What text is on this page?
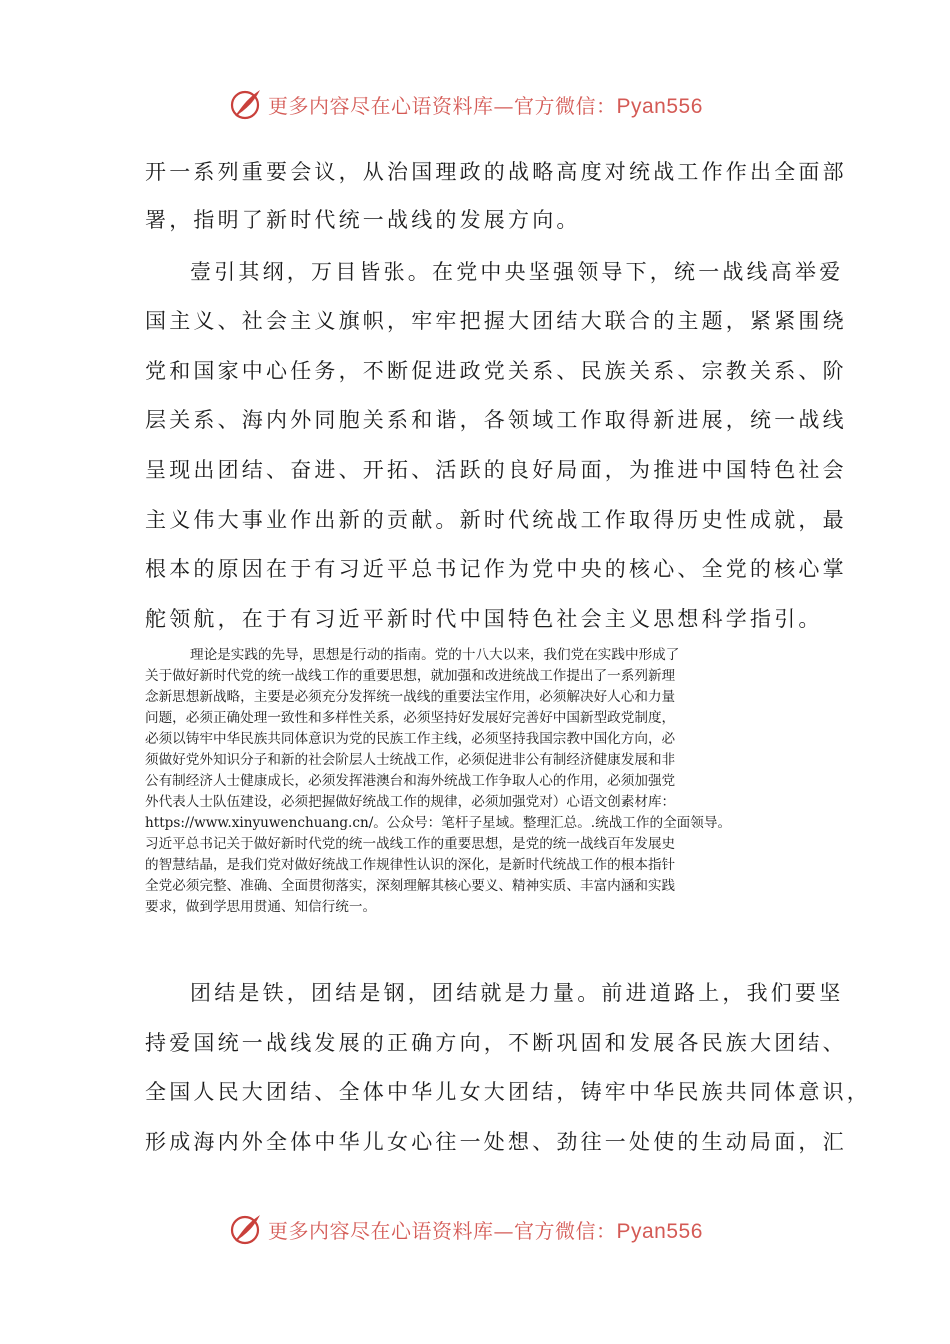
更多内容尽在心语资料库—官方微信：Pyan556
开一系列重要会议，从治国理政的战略高度对统战工作作出全面部
署，指明了新时代统一战线的发展方向。
壹引其纲，万目皆张。在党中央坚强领导下，统一战线高举爱
国主义、社会主义旗帜，牢牢把握大团结大联合的主题，紧紧围绕
党和国家中心任务，不断促进政党关系、民族关系、宗教关系、阶
层关系、海内外同胞关系和谐，各领域工作取得新进展，统一战线
呈现出团结、奋进、开拓、活跃的良好局面，为推进中国特色社会
主义伟大事业作出新的贡献。新时代统战工作取得历史性成就，最
根本的原因在于有习近平总书记作为党中央的核心、全党的核心掌
舵领航，在于有习近平新时代中国特色社会主义思想科学指引。
理论是实践的先导，思想是行动的指南。党的十八大以来，我们党在实践中形成了
关于做好新时代党的统一战线工作的重要思想，就加强和改进统战工作提出了一系列新理
念新思想新战略，主要是必须充分发挥统一战线的重要法宝作用，必须解决好人心和力量
问题，必须正确处理一致性和多样性关系，必须坚持好发展好完善好中国新型政党制度，
必须以铸牢中华民族共同体意识为党的民族工作主线，必须坚持我国宗教中国化方向，必
须做好党外知识分子和新的社会阶层人士统战工作，必须促进非公有制经济健康发展和非
公有制经济人士健康成长，必须发挥港澳台和海外统战工作争取人心的作用，必须加强党
外代表人士队伍建设，必须把握做好统战工作的规律，必须加强党对）心语文创素材库：
https://www.xinyuwenchuang.cn/。公众号：笔杆子星域。整理汇总。.统战工作的全面领导。
习近平总书记关于做好新时代党的统一战线工作的重要思想，是党的统一战线百年发展史
的智慧结晶，是我们党对做好统战工作规律性认识的深化，是新时代统战工作的根本指针
全党必须完整、准确、全面贯彻落实，深刻理解其核心要义、精神实质、丰富内涵和实践
要求，做到学思用贯通、知信行统一。
团结是铁，团结是钢，团结就是力量。前进道路上，我们要坚
持爱国统一战线发展的正确方向，不断巩固和发展各民族大团结、
全国人民大团结、全体中华儿女大团结，铸牢中华民族共同体意识，
形成海内外全体中华儿女心往一处想、劲往一处使的生动局面，汇
更多内容尽在心语资料库—官方微信：Pyan556
